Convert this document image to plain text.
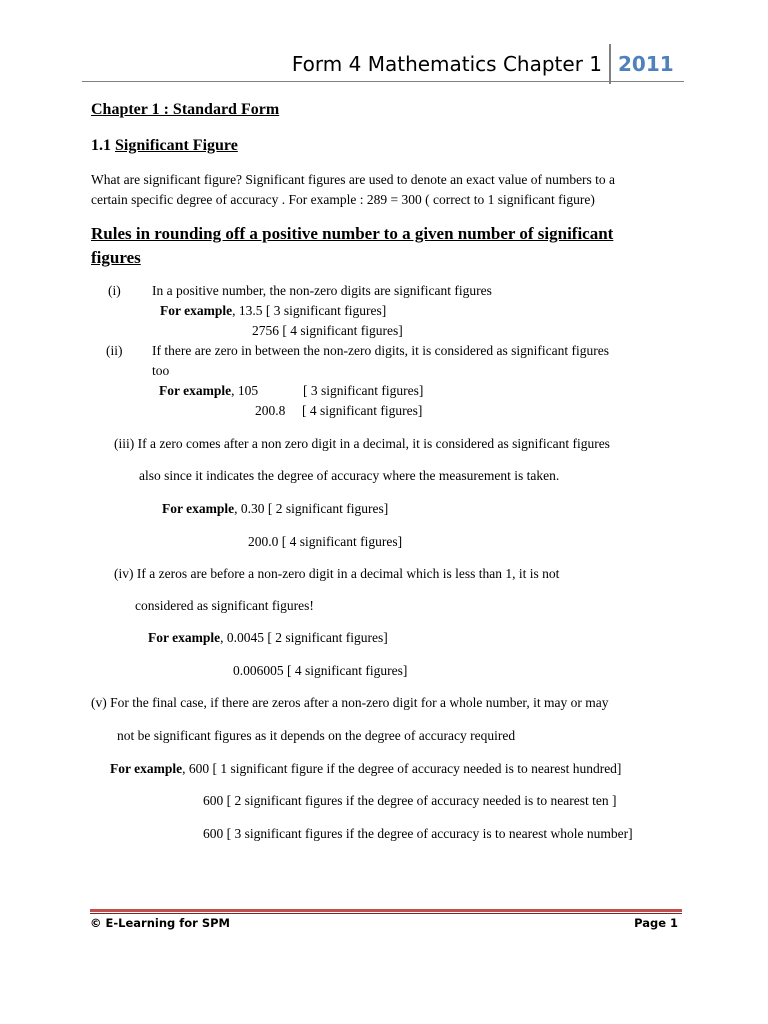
Form 4 Mathematics Chapter 1 2011
Chapter 1 : Standard Form
1.1 Significant Figure
What are significant figure? Significant figures are used to denote an exact value of numbers to a
certain specific degree of accuracy . For example : 289 = 300 ( correct to 1 significant figure)
Rules in rounding off a positive number to a given number of significant
figures
(i) In a positive number, the non-zero digits are significant figures
For example, 13.5 [ 3 significant figures]
2756 [ 4 significant figures]
(ii) If there are zero in between the non-zero digits, it is considered as significant figures
too
For example, 105	[ 3 significant figures]
200.8 [ 4 significant figures]
(iii) If a zero comes after a non zero digit in a decimal, it is considered as significant figures
also since it indicates the degree of accuracy where the measurement is taken.
For example, 0.30 [ 2 significant figures]
200.0 [ 4 significant figures]
(iv) If a zeros are before a non-zero digit in a decimal which is less than 1, it is not
considered as significant figures!
For example, 0.0045 [ 2 significant figures]
0.006005 [ 4 significant figures]
(v) For the final case, if there are zeros after a non-zero digit for a whole number, it may or may
not be significant figures as it depends on the degree of accuracy required
For example, 600 [ 1 significant figure if the degree of accuracy needed is to nearest hundred]
600 [ 2 significant figures if the degree of accuracy needed is to nearest ten ]
600 [ 3 significant figures if the degree of accuracy is to nearest whole number]
© E-Learning for SPM	Page 1
